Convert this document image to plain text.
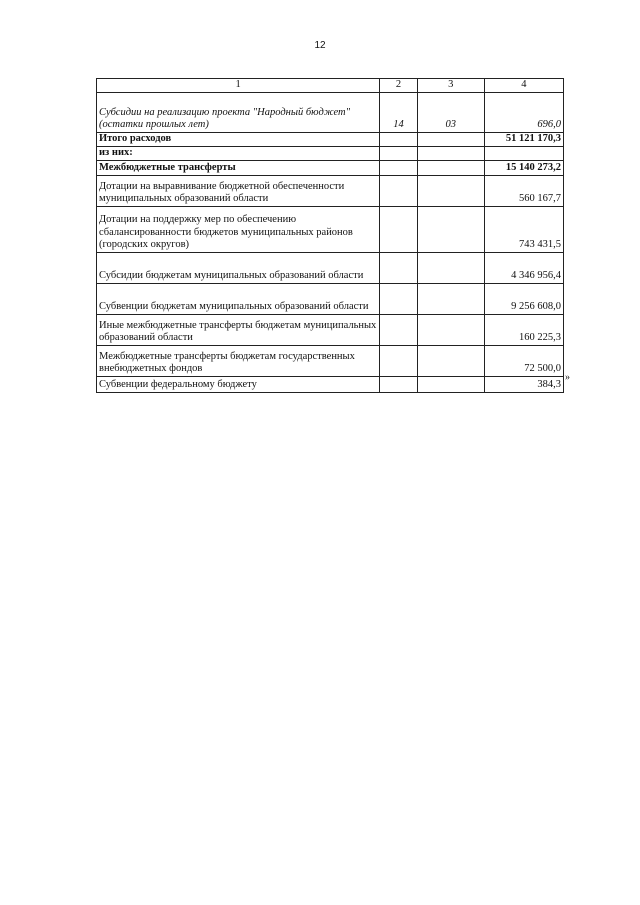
12
1	2	3	4
Субсидии на реализацию проекта "Народный бюджет" (остатки прошлых лет)	14	03	696,0
Итого расходов			51 121 170,3
из них:			
Межбюджетные трансферты			15 140 273,2
Дотации на выравнивание бюджетной обеспеченности муниципальных образований области			560 167,7
Дотации на поддержку мер по обеспечению сбалансированности бюджетов муниципальных районов (городских округов)			743 431,5
Субсидии бюджетам муниципальных образований области			4 346 956,4
Субвенции бюджетам муниципальных образований области			9 256 608,0
Иные межбюджетные трансферты бюджетам муниципальных образований области			160 225,3
Межбюджетные трансферты бюджетам государственных внебюджетных фондов			72 500,0
Субвенции федеральному бюджету			384,3
»
